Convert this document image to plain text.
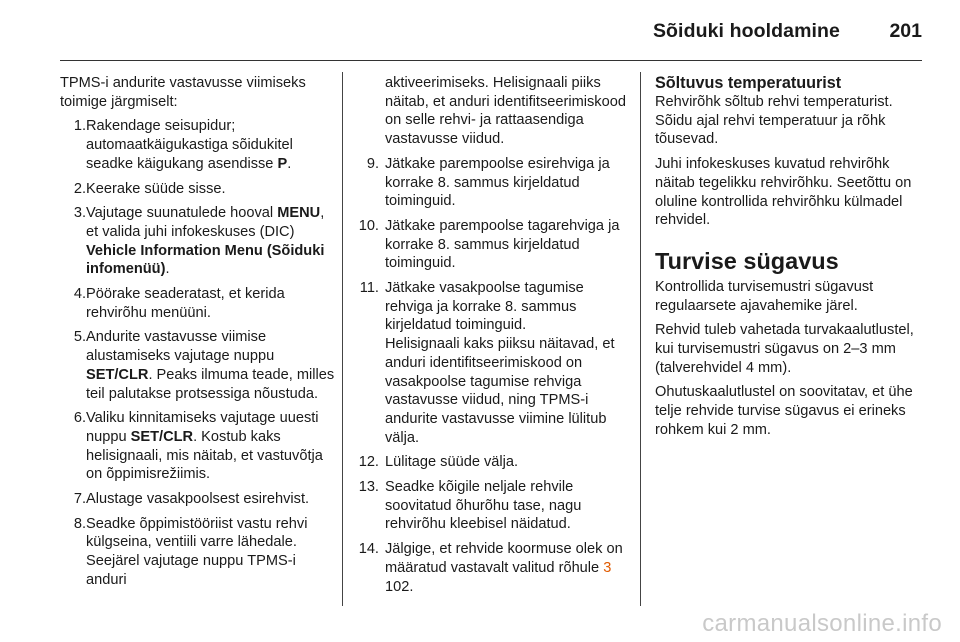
Sõiduki hooldamine	201

TPMS-i andurite vastavusse viimiseks toimige järgmiselt:

1. Rakendage seisupidur; automaatkäigukastiga sõidukitel seadke käigukang asendisse P.
2. Keerake süüde sisse.
3. Vajutage suunatulede hooval MENU, et valida juhi infokeskuses (DIC) Vehicle Information Menu (Sõiduki infomenüü).
4. Pöörake seaderatast, et kerida rehvirõhu menüüni.
5. Andurite vastavusse viimise alustamiseks vajutage nuppu SET/CLR. Peaks ilmuma teade, milles teil palutakse protsessiga nõustuda.
6. Valiku kinnitamiseks vajutage uuesti nuppu SET/CLR. Kostub kaks helisignaali, mis näitab, et vastuvõtja on õppimisrežiimis.
7. Alustage vasakpoolsest esirehvist.
8. Seadke õppimistööriist vastu rehvi külgseina, ventiili varre lähedale. Seejärel vajutage nuppu TPMS-i anduri
aktiveerimiseks. Helisignaali piiks näitab, et anduri identifitseerimiskood on selle rehvi- ja rattaasendiga vastavusse viidud.
9. Jätkake parempoolse esirehviga ja korrake 8. sammus kirjeldatud toiminguid.
10. Jätkake parempoolse tagarehviga ja korrake 8. sammus kirjeldatud toiminguid.
11. Jätkake vasakpoolse tagumise rehviga ja korrake 8. sammus kirjeldatud toiminguid.
Helisignaali kaks piiksu näitavad, et anduri identifitseerimiskood on vasakpoolse tagumise rehviga vastavusse viidud, ning TPMS-i andurite vastavusse viimine lülitub välja.
12. Lülitage süüde välja.
13. Seadke kõigile neljale rehvile soovitatud õhurõhu tase, nagu rehvirõhu kleebisel näidatud.
14. Jälgige, et rehvide koormuse olek on määratud vastavalt valitud rõhule 3 102.
Sõltuvus temperatuurist

Rehvirõhk sõltub rehvi temperaturist. Sõidu ajal rehvi temperatuur ja rõhk tõusevad.

Juhi infokeskuses kuvatud rehvirõhk näitab tegelikku rehvirõhku. Seetõttu on oluline kontrollida rehvirõhku külmadel rehvidel.

Turvise sügavus

Kontrollida turvisemustri sügavust regulaarsete ajavahemike järel.

Rehvid tuleb vahetada turvakaalutlustel, kui turvisemustri sügavus on 2–3 mm (talverehvidel 4 mm).

Ohutuskaalutlustel on soovitatav, et ühe telje rehvide turvise sügavus ei erineks rohkem kui 2 mm.

carmanualsonline.info
